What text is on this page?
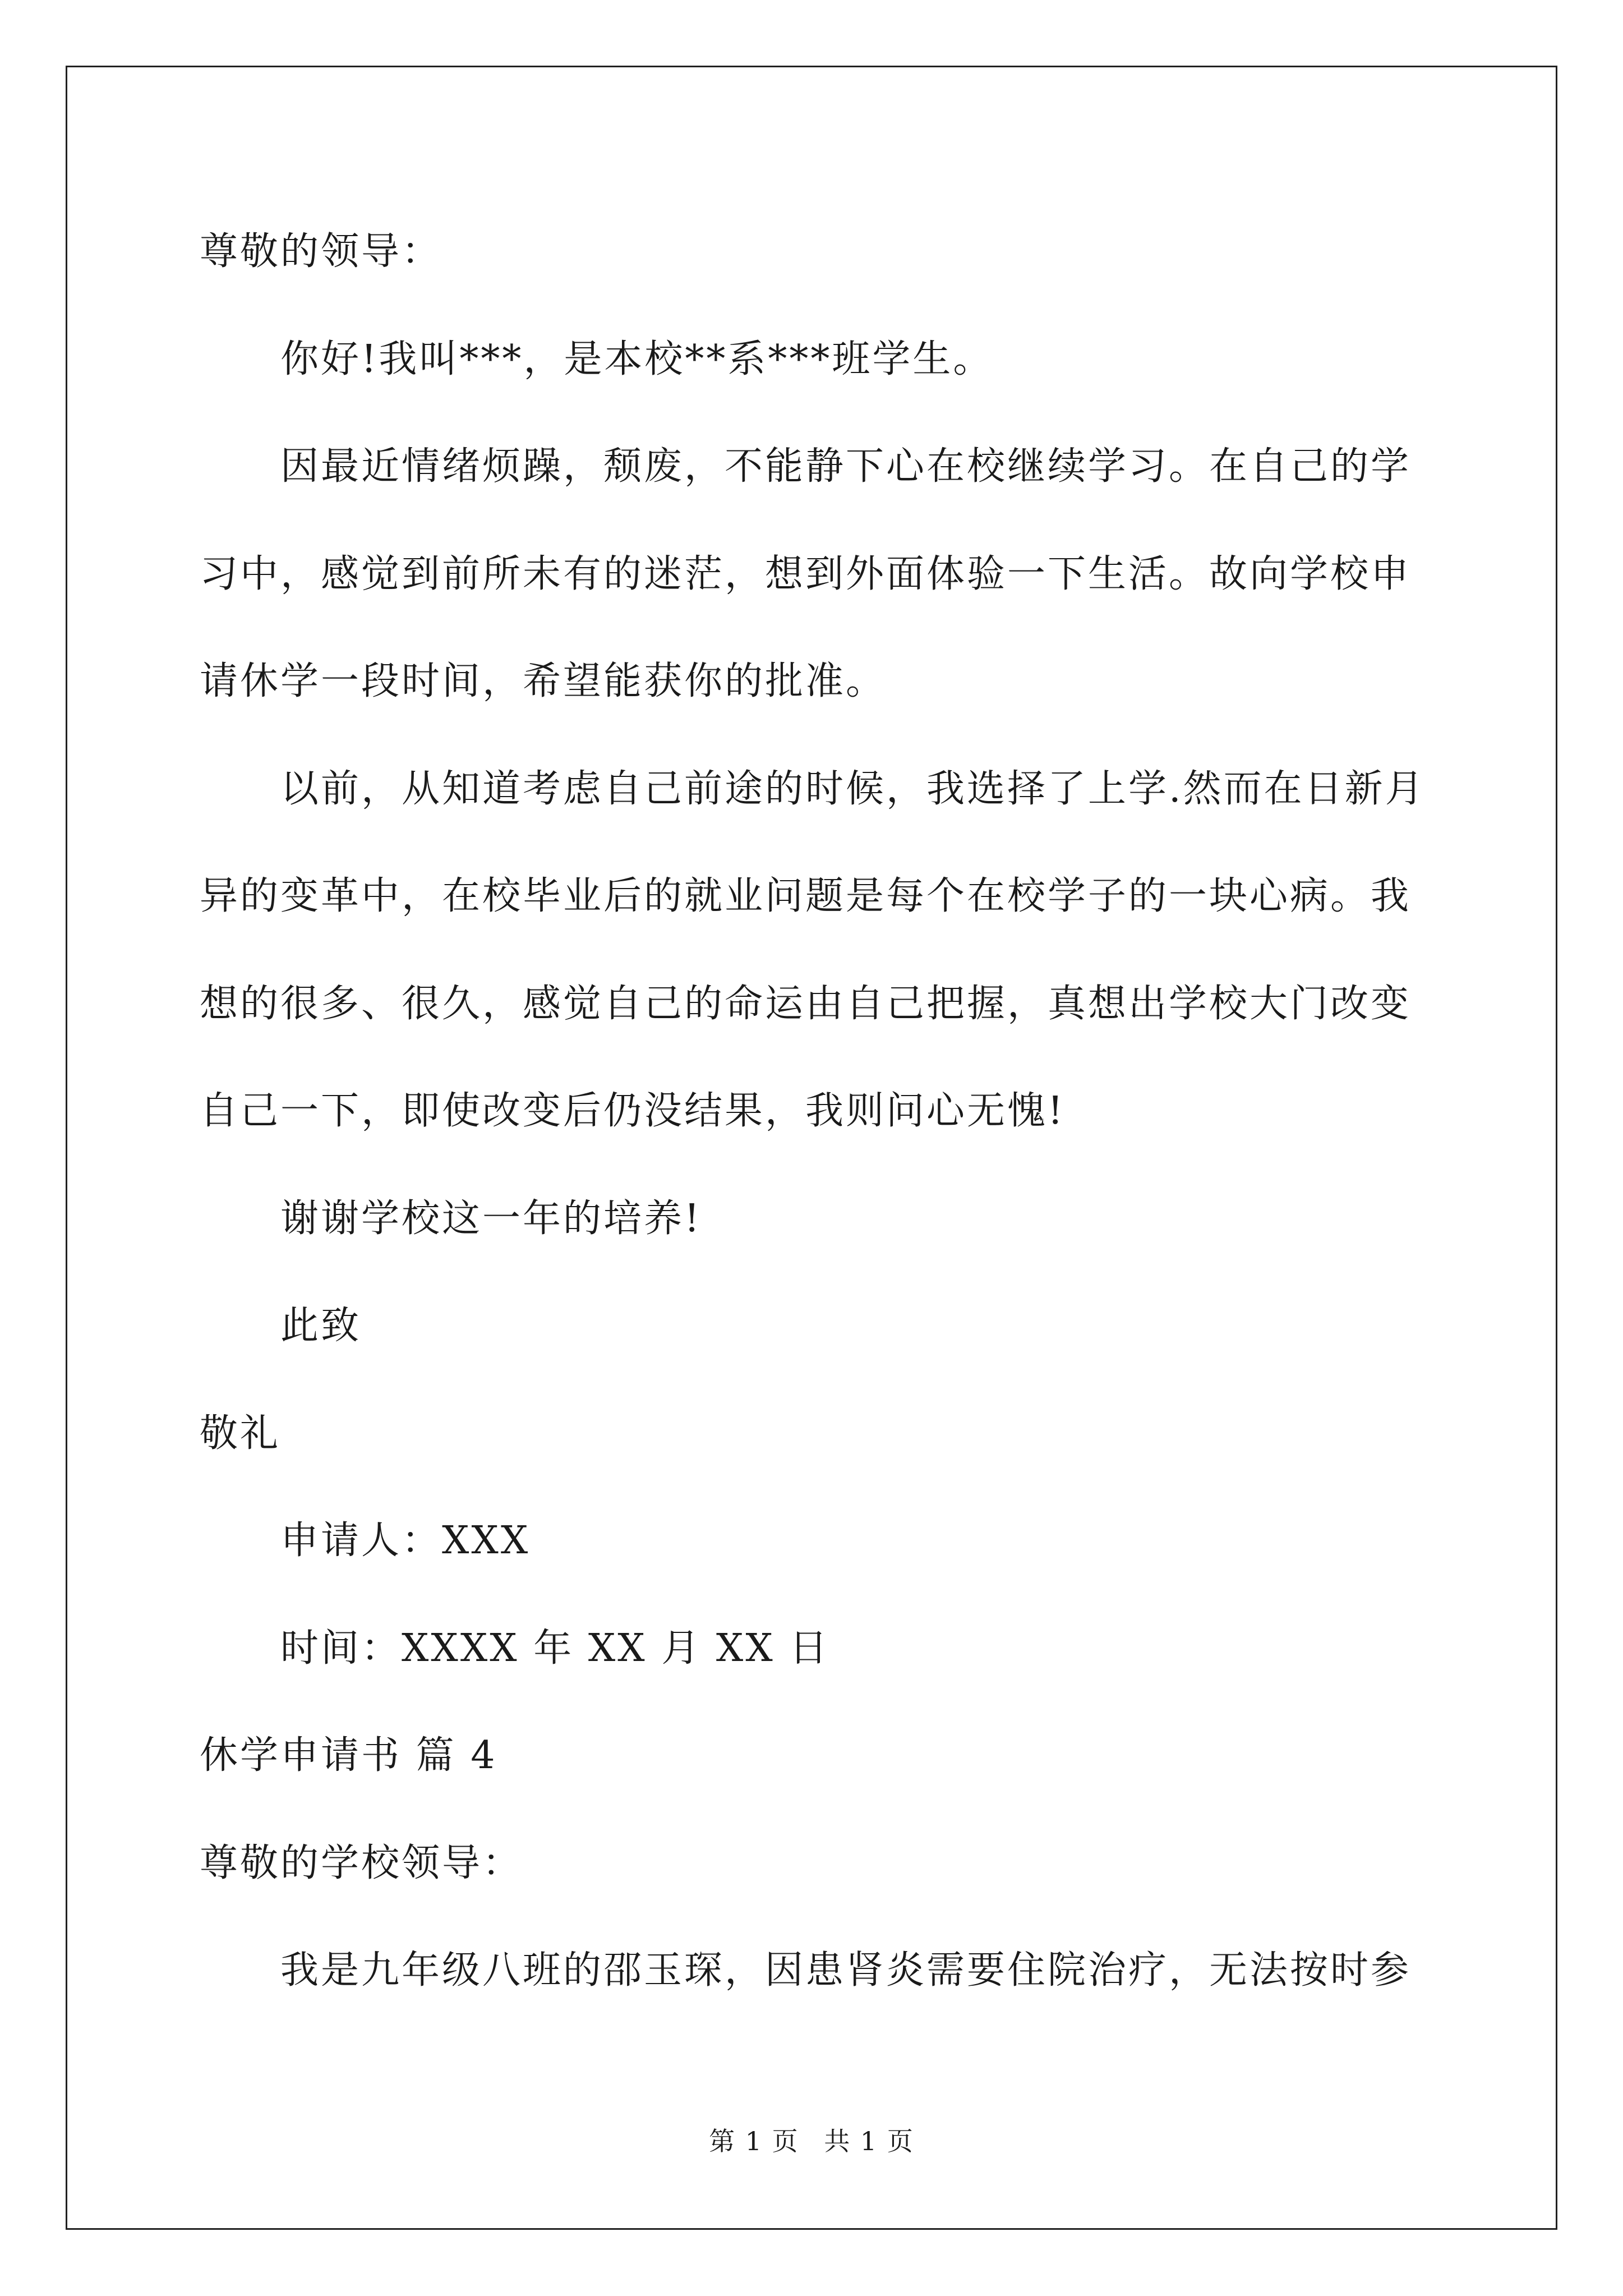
尊敬的领导：
你好!我叫***，是本校**系***班学生。
因最近情绪烦躁，颓废，不能静下心在校继续学习。在自己的学
习中，感觉到前所未有的迷茫，想到外面体验一下生活。故向学校申
请休学一段时间，希望能获你的批准。
以前，从知道考虑自己前途的时候，我选择了上学.然而在日新月
异的变革中，在校毕业后的就业问题是每个在校学子的一块心病。我
想的很多、很久，感觉自己的命运由自己把握，真想出学校大门改变
自己一下，即使改变后仍没结果，我则问心无愧!
谢谢学校这一年的培养!
此致
敬礼
申请人：XXX
时间：XXXX 年 XX 月 XX 日
休学申请书 篇 4
尊敬的学校领导：
我是九年级八班的邵玉琛，因患肾炎需要住院治疗，无法按时参
第 1 页 共 1 页
